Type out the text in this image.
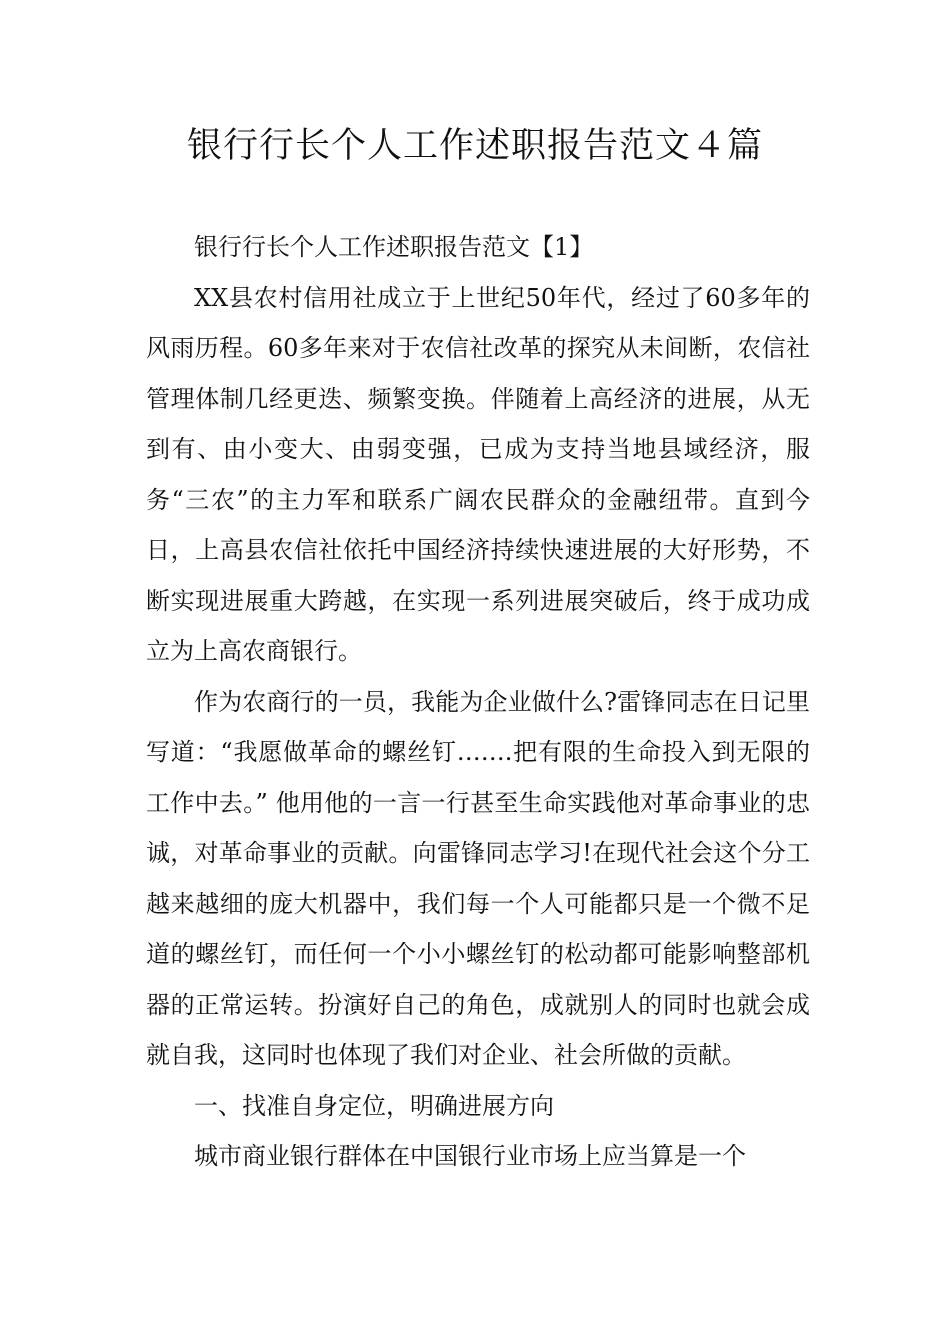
银行行长个人工作述职报告范文４篇

银行行长个人工作述职报告范文【1】

XX县农村信用社成立于上世纪50年代，经过了60多年的风雨历程。60多年来对于农信社改革的探究从未间断，农信社管理体制几经更迭、频繁变换。伴随着上高经济的进展，从无到有、由小变大、由弱变强，已成为支持当地县域经济，服务“三农”的主力军和联系广阔农民群众的金融纽带。直到今日，上高县农信社依托中国经济持续快速进展的大好形势，不断实现进展重大跨越，在实现一系列进展突破后，终于成功成立为上高农商银行。

作为农商行的一员，我能为企业做什么?雷锋同志在日记里写道：“我愿做革命的螺丝钉…….把有限的生命投入到无限的工作中去。” 他用他的一言一行甚至生命实践他对革命事业的忠诚，对革命事业的贡献。向雷锋同志学习!在现代社会这个分工越来越细的庞大机器中，我们每一个人可能都只是一个微不足道的螺丝钉，而任何一个小小螺丝钉的松动都可能影响整部机器的正常运转。扮演好自己的角色，成就别人的同时也就会成就自我，这同时也体现了我们对企业、社会所做的贡献。

一、找准自身定位，明确进展方向

城市商业银行群体在中国银行业市场上应当算是一个
